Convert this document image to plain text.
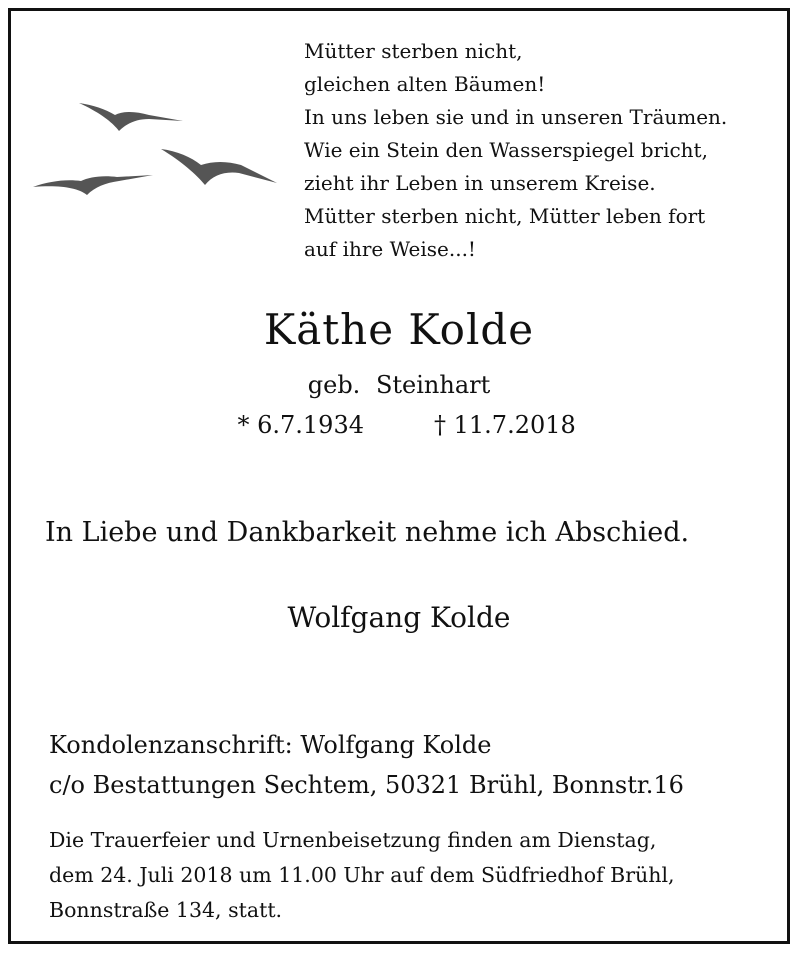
Mütter sterben nicht,
gleichen alten Bäumen!
In uns leben sie und in unseren Träumen.
Wie ein Stein den Wasserspiegel bricht,
zieht ihr Leben in unserem Kreise.
Mütter sterben nicht, Mütter leben fort
auf ihre Weise...!
Käthe Kolde
geb. Steinhart
* 6.7.1934	† 11.7.2018
In Liebe und Dankbarkeit nehme ich Abschied.
Wolfgang Kolde
Kondolenzanschrift: Wolfgang Kolde
c/o Bestattungen Sechtem, 50321 Brühl, Bonnstr.16
Die Trauerfeier und Urnenbeisetzung finden am Dienstag,
dem 24. Juli 2018 um 11.00 Uhr auf dem Südfriedhof Brühl,
Bonnstraße 134, statt.
